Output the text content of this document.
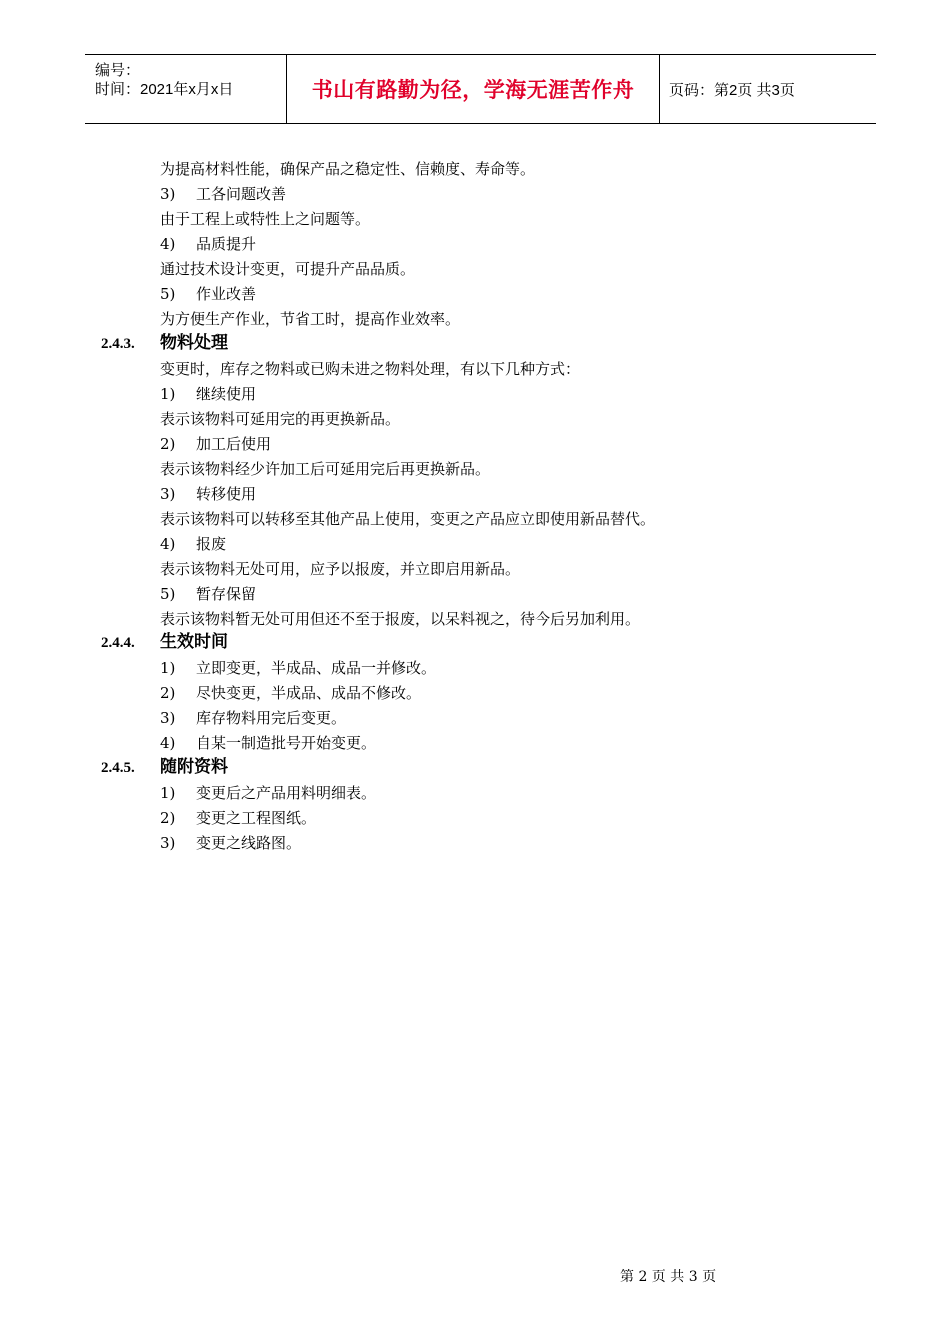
编号：
时间：2021年x月x日	书山有路勤为径，学海无涯苦作舟 页码：第2页 共3页
为提高材料性能，确保产品之稳定性、信赖度、寿命等。
3) 工各问题改善
由于工程上或特性上之问题等。
4) 品质提升
通过技术设计变更，可提升产品品质。
5) 作业改善
为方便生产作业，节省工时，提高作业效率。
2.4.3. 物料处理
变更时，库存之物料或已购未进之物料处理，有以下几种方式：
1) 继续使用
表示该物料可延用完的再更换新品。
2) 加工后使用
表示该物料经少许加工后可延用完后再更换新品。
3) 转移使用
表示该物料可以转移至其他产品上使用，变更之产品应立即使用新品替代。
4) 报废
表示该物料无处可用，应予以报废，并立即启用新品。
5) 暂存保留
表示该物料暂无处可用但还不至于报废，以呆料视之，待今后另加利用。
2.4.4. 生效时间
1) 立即变更，半成品、成品一并修改。
2) 尽快变更，半成品、成品不修改。
3) 库存物料用完后变更。
4) 自某一制造批号开始变更。
2.4.5. 随附资料
1) 变更后之产品用料明细表。
2) 变更之工程图纸。
3) 变更之线路图。
第 2 页 共 3 页
